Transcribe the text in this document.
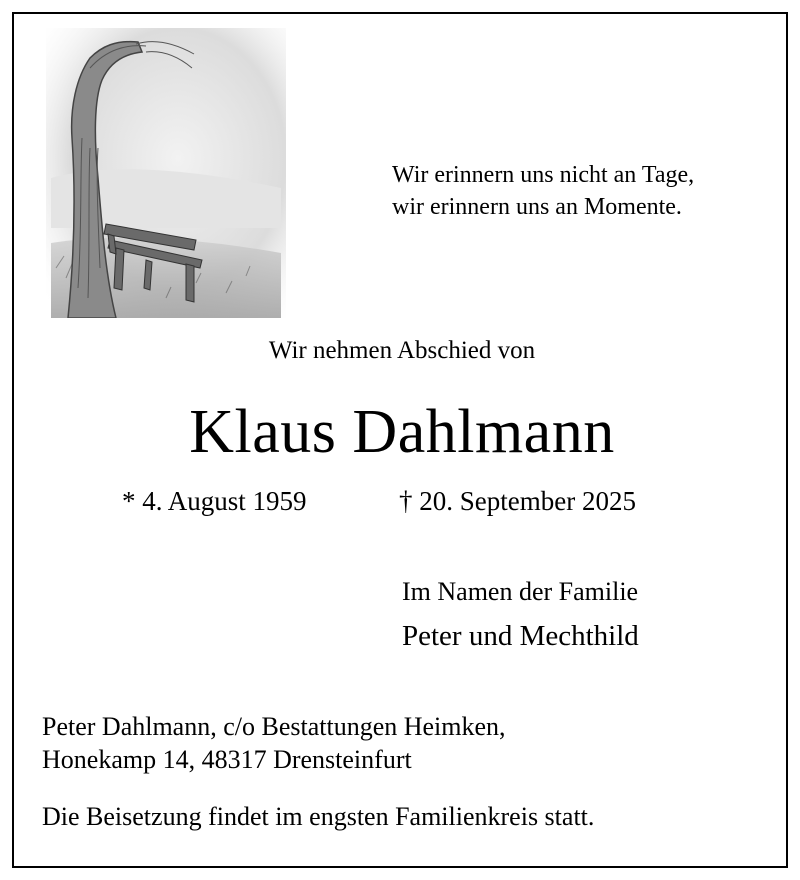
Wir erinnern uns nicht an Tage,
wir erinnern uns an Momente.
Wir nehmen Abschied von
Klaus Dahlmann
* 4. August 1959	† 20. September 2025
Im Namen der Familie
Peter und Mechthild
Peter Dahlmann, c/o Bestattungen Heimken,
Honekamp 14, 48317 Drensteinfurt
Die Beisetzung findet im engsten Familienkreis statt.
